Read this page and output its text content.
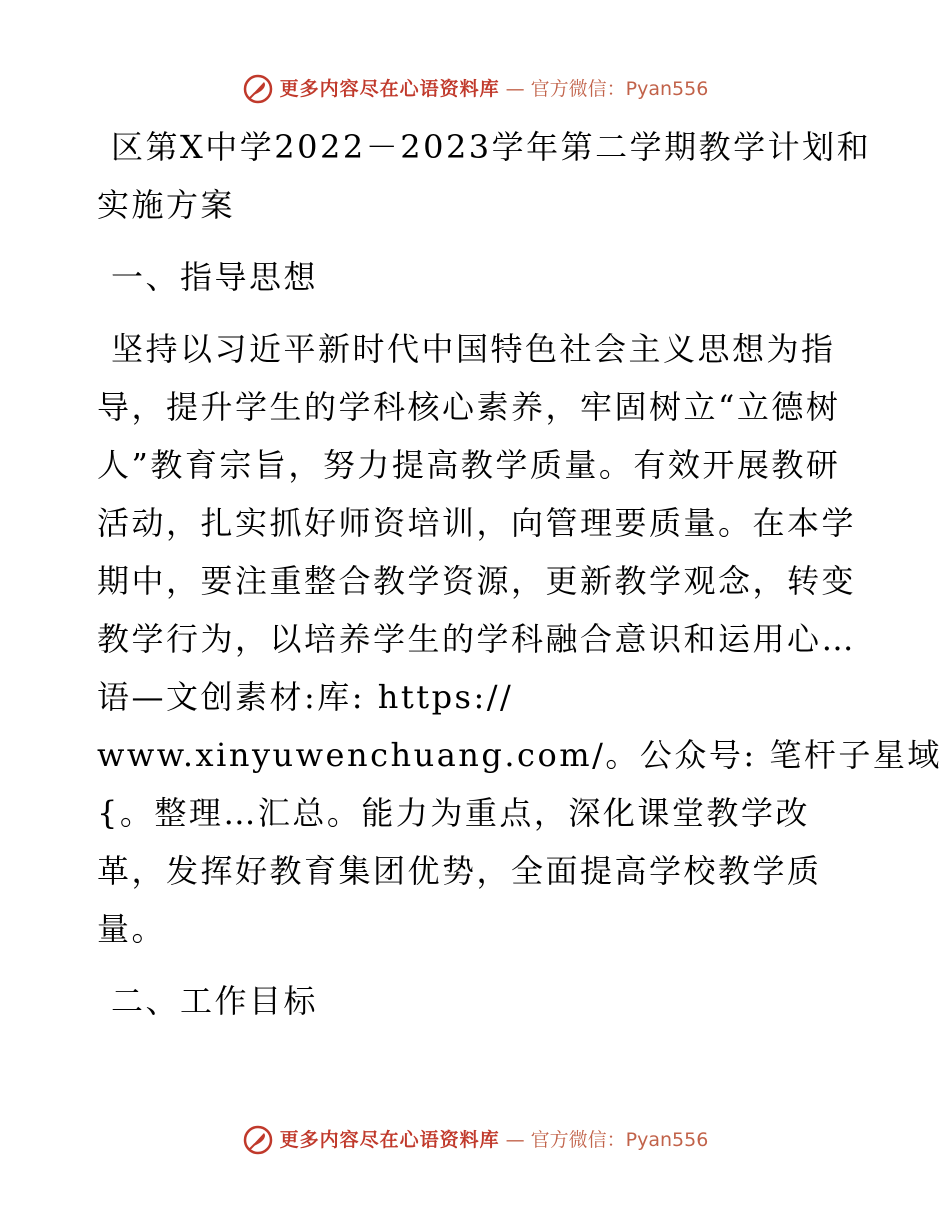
更多内容尽在心语资料库 — 官方微信：Pyan556
区第X中学2022－2023学年第二学期教学计划和
实施方案
一、指导思想
坚持以习近平新时代中国特色社会主义思想为指
导，提升学生的学科核心素养，牢固树立“立德树
人”教育宗旨，努力提高教学质量。有效开展教研
活动，扎实抓好师资培训，向管理要质量。在本学
期中，要注重整合教学资源，更新教学观念，转变
教学行为，以培养学生的学科融合意识和运用心…
语—文创素材:库: https://
www.xinyuwenchuang.com/。公众号: 笔杆子星域
{。整理…汇总。能力为重点，深化课堂教学改
革，发挥好教育集团优势，全面提高学校教学质
量。
二、工作目标
更多内容尽在心语资料库 — 官方微信：Pyan556
